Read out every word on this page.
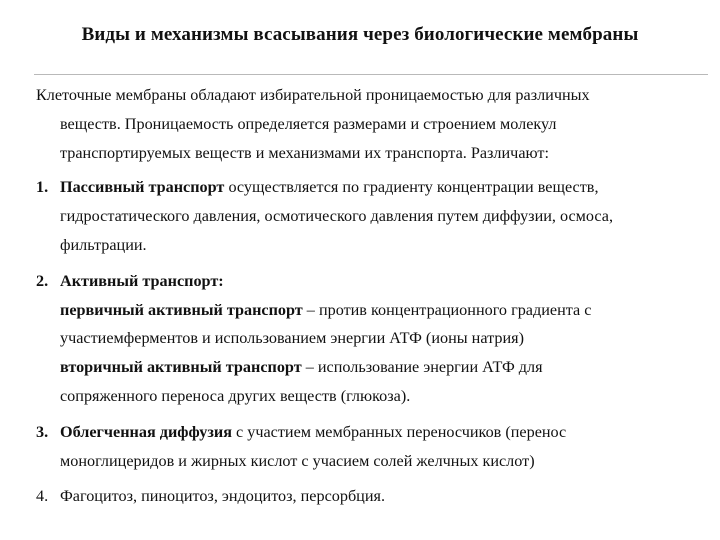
Виды и механизмы всасывания через биологические мембраны
Клеточные мембраны обладают избирательной проницаемостью для различных
веществ. Проницаемость определяется размерами и строением молекул
транспортируемых веществ и механизмами их транспорта. Различают:
1. Пассивный транспорт осуществляется по градиенту концентрации веществ,
гидростатического давления, осмотического давления путем диффузии, осмоса,
фильтрации.
2. Активный транспорт:
первичный активный транспорт – против концентрационного градиента с
участиемферментов и использованием энергии АТФ (ионы натрия)
вторичный активный транспорт – использование энергии АТФ для
сопряженного переноса других веществ (глюкоза).
3. Облегченная диффузия с участием мембранных переносчиков (перенос
моноглицеридов и жирных кислот с учасием солей желчных кислот)
4. Фагоцитоз, пиноцитоз, эндоцитоз, персорбция.
